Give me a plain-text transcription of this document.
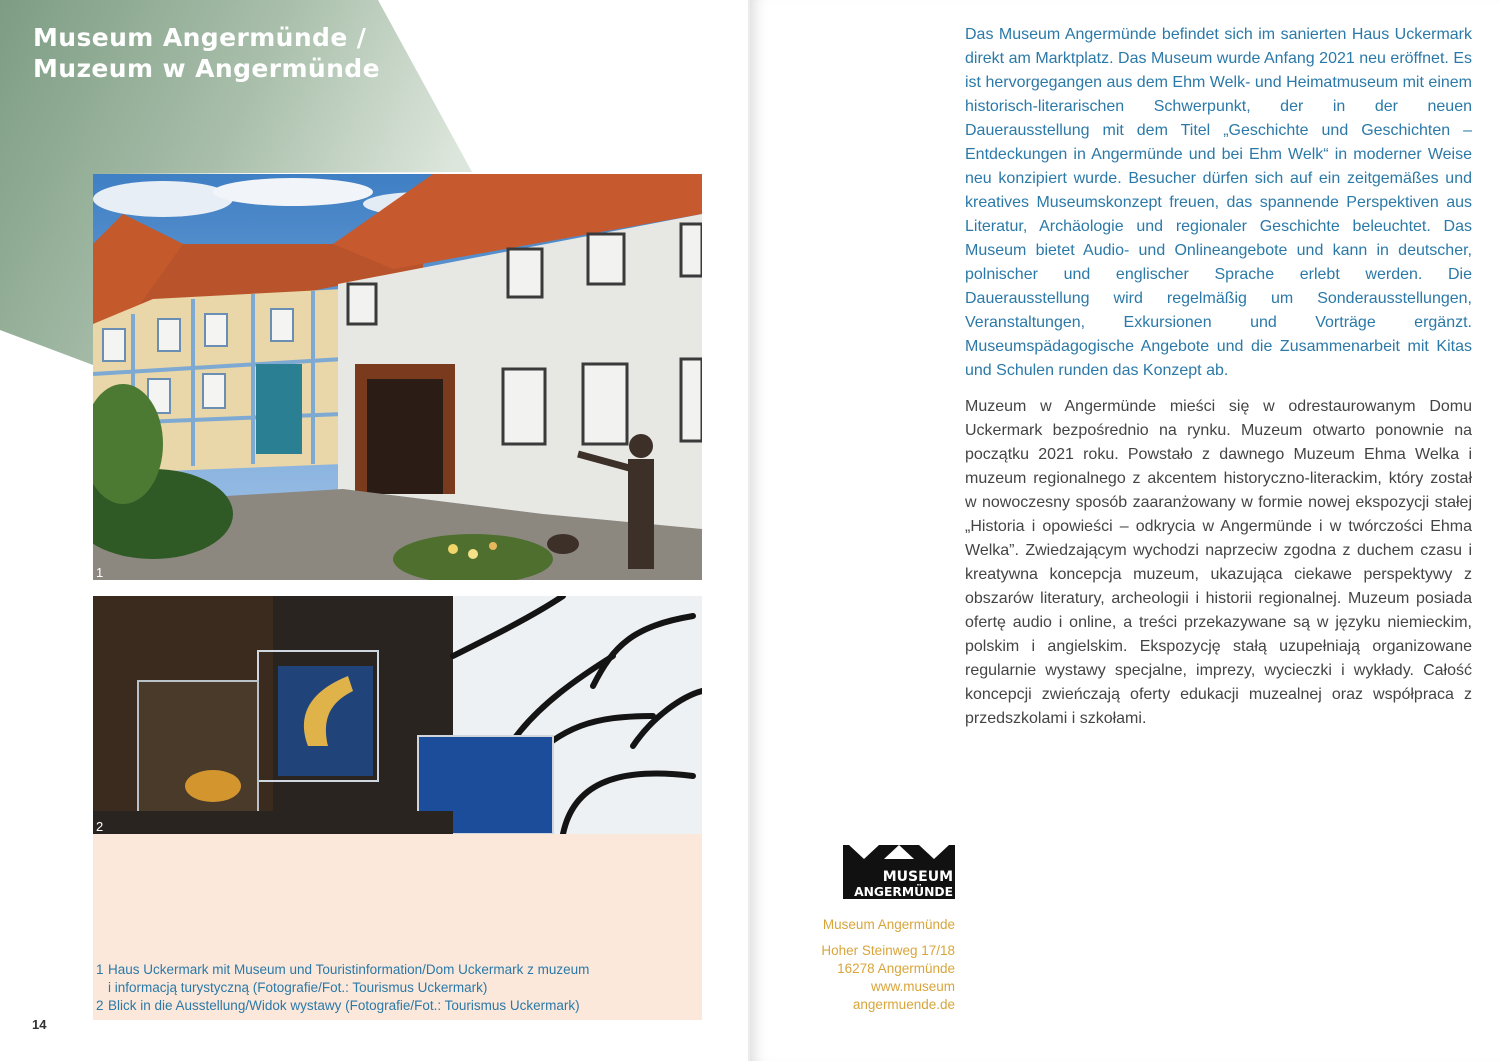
Museum Angermünde /
Muzeum w Angermünde
1
2
1 Haus Uckermark mit Museum und Touristinformation/Dom Uckermark z muzeum
i informacją turystyczną (Fotografie/Fot.: Tourismus Uckermark)
2 Blick in die Ausstellung/Widok wystawy (Fotografie/Fot.: Tourismus Uckermark)
14

Das Museum Angermünde befindet sich im sanierten Haus Uckermark direkt am Marktplatz. Das Museum wurde Anfang 2021 neu eröffnet. Es ist hervorgegangen aus dem Ehm Welk- und Heimatmuseum mit einem historisch-literarischen Schwerpunkt, der in der neuen Dauerausstellung mit dem Titel „Geschichte und Geschichten – Entdeckungen in Angermünde und bei Ehm Welk“ in moderner Weise neu konzipiert wurde. Besucher dürfen sich auf ein zeitgemäßes und kreatives Museumskonzept freuen, das spannende Perspektiven aus Literatur, Archäologie und regionaler Geschichte beleuchtet. Das Museum bietet Audio- und Onlineangebote und kann in deutscher, polnischer und englischer Sprache erlebt werden. Die Dauerausstellung wird regelmäßig um Sonderausstellungen, Veranstaltungen, Exkursionen und Vorträge ergänzt. Museumspädagogische Angebote und die Zusammenarbeit mit Kitas und Schulen runden das Konzept ab.

Muzeum w Angermünde mieści się w odrestaurowanym Domu Uckermark bezpośrednio na rynku. Muzeum otwarto ponownie na początku 2021 roku. Powstało z dawnego Muzeum Ehma Welka i muzeum regionalnego z akcentem historyczno-literackim, który został w nowoczesny sposób zaaranżowany w formie nowej ekspozycji stałej „Historia i opowieści – odkrycia w Angermünde i w twórczości Ehma Welka”. Zwiedzającym wychodzi naprzeciw zgodna z duchem czasu i kreatywna koncepcja muzeum, ukazująca ciekawe perspektywy z obszarów literatury, archeologii i historii regionalnej. Muzeum posiada ofertę audio i online, a treści przekazywane są w języku niemieckim, polskim i angielskim. Ekspozycję stałą uzupełniają organizowane regularnie wystawy specjalne, imprezy, wycieczki i wykłady. Całość koncepcji zwieńczają oferty edukacji muzealnej oraz współpraca z przedszkolami i szkołami.

MUSEUM
ANGERMÜNDE
Museum Angermünde
Hoher Steinweg 17/18
16278 Angermünde
www.museum
angermuende.de
